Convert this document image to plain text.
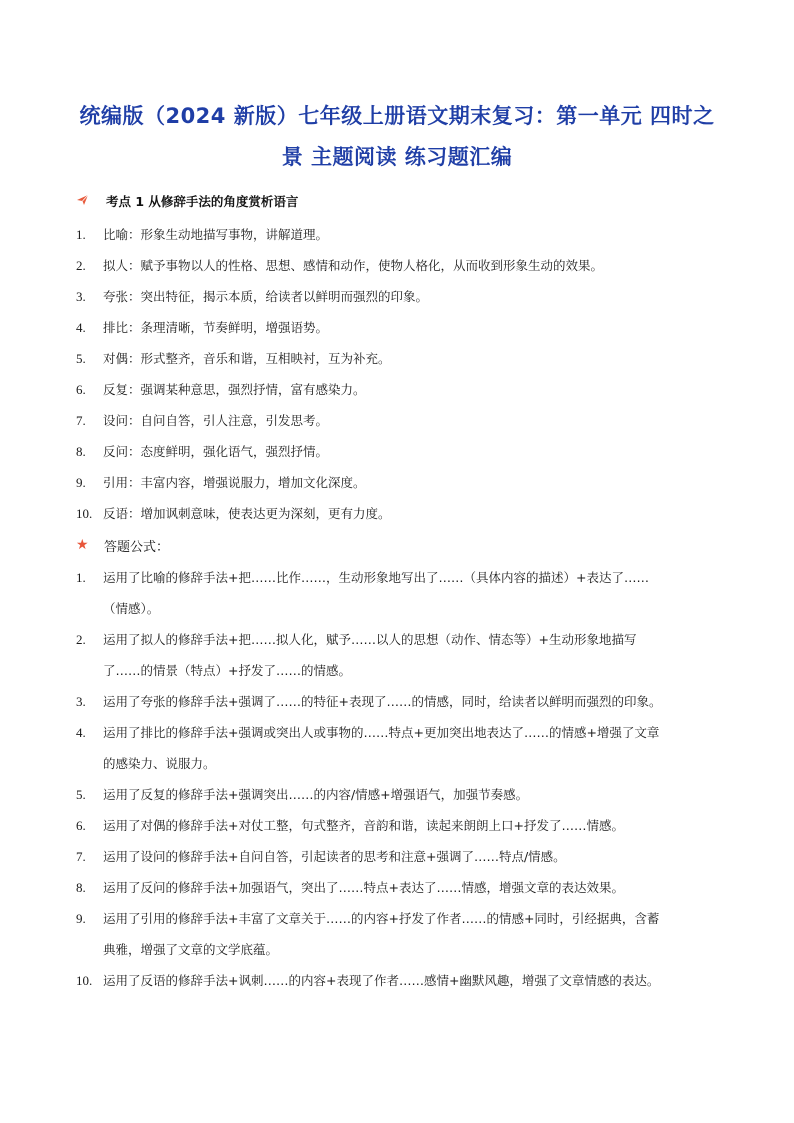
统编版（2024 新版）七年级上册语文期末复习：第一单元 四时之景 主题阅读 练习题汇编
考点 1 从修辞手法的角度赏析语言
1.	比喻：形象生动地描写事物，讲解道理。
2.	拟人：赋予事物以人的性格、思想、感情和动作，使物人格化，从而收到形象生动的效果。
3.	夸张：突出特征，揭示本质，给读者以鲜明而强烈的印象。
4.	排比：条理清晰，节奏鲜明，增强语势。
5.	对偶：形式整齐，音乐和谐，互相映衬，互为补充。
6.	反复：强调某种意思，强烈抒情，富有感染力。
7.	设问：自问自答，引人注意，引发思考。
8.	反问：态度鲜明，强化语气，强烈抒情。
9.	引用：丰富内容，增强说服力，增加文化深度。
10. 反语：增加讽刺意味，使表达更为深刻，更有力度。
★	答题公式：
1.	运用了比喻的修辞手法+把……比作……，生动形象地写出了……（具体内容的描述）+表达了……
（情感）。
2.	运用了拟人的修辞手法+把……拟人化，赋予……以人的思想（动作、情态等）+生动形象地描写
了……的情景（特点）+抒发了……的情感。
3.	运用了夸张的修辞手法+强调了……的特征+表现了……的情感，同时，给读者以鲜明而强烈的印象。
4.	运用了排比的修辞手法+强调或突出人或事物的……特点+更加突出地表达了……的情感+增强了文章
的感染力、说服力。
5.	运用了反复的修辞手法+强调突出……的内容/情感+增强语气，加强节奏感。
6.	运用了对偶的修辞手法+对仗工整，句式整齐，音韵和谐，读起来朗朗上口+抒发了……情感。
7.	运用了设问的修辞手法+自问自答，引起读者的思考和注意+强调了……特点/情感。
8.	运用了反问的修辞手法+加强语气，突出了……特点+表达了……情感，增强文章的表达效果。
9.	运用了引用的修辞手法+丰富了文章关于……的内容+抒发了作者……的情感+同时，引经据典，含蓄
典雅，增强了文章的文学底蕴。
10. 运用了反语的修辞手法+讽刺……的内容+表现了作者……感情+幽默风趣，增强了文章情感的表达。
